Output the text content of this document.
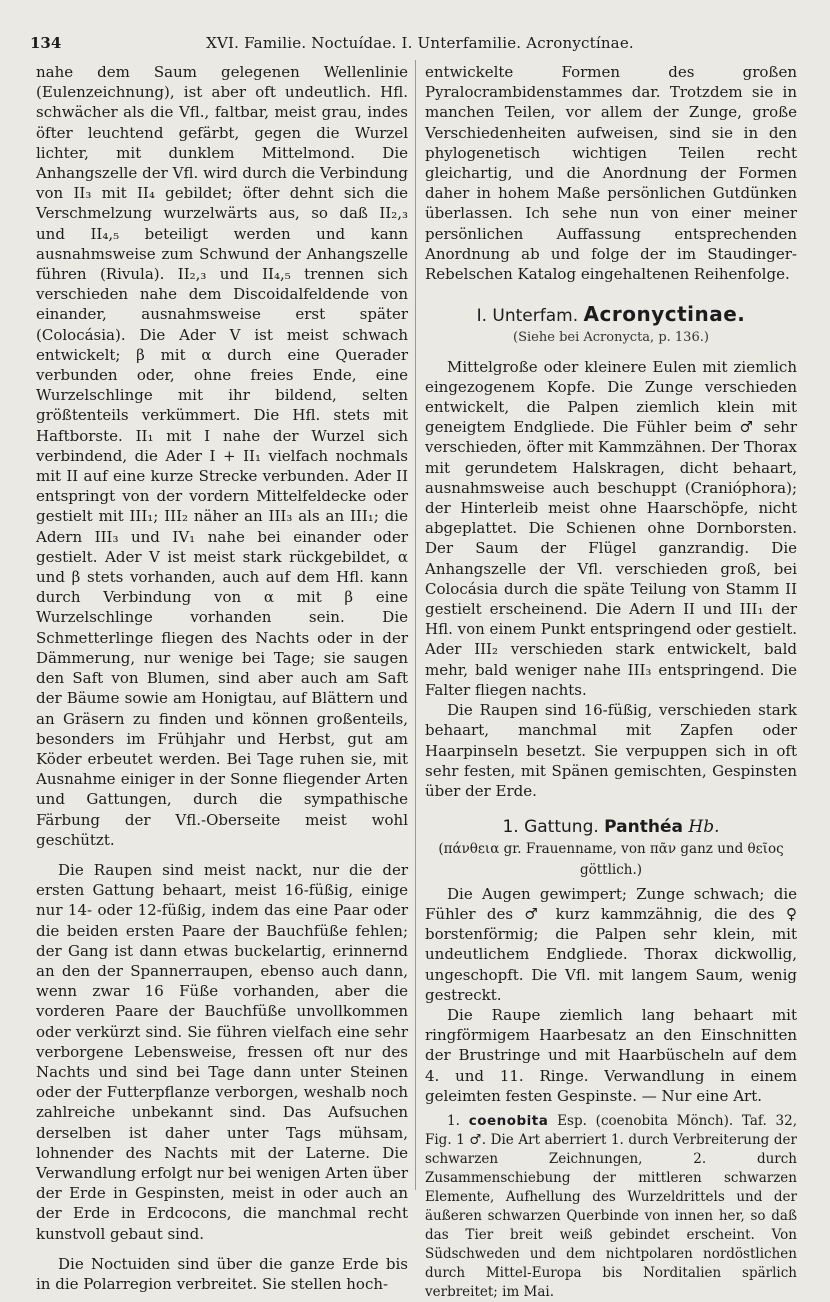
134	XVI. Familie. Noctuídae. I. Unterfamilie. Acronyctínae.

nahe dem Saum gelegenen Wellenlinie (Eulenzeichnung), ist aber oft undeutlich. Hfl. schwächer als die Vfl., faltbar, meist grau, indes öfter leuchtend gefärbt, gegen die Wurzel lichter, mit dunklem Mittelmond. Die Anhangszelle der Vfl. wird durch die Verbindung von II₃ mit II₄ gebildet; öfter dehnt sich die Verschmelzung wurzelwärts aus, so daß II₂,₃ und II₄,₅ beteiligt werden und kann ausnahmsweise zum Schwund der Anhangszelle führen (Rivula). II₂,₃ und II₄,₅ trennen sich verschieden nahe dem Discoidalfeldende von einander, ausnahmsweise erst später (Colocásia). Die Ader V ist meist schwach entwickelt; β mit α durch eine Querader verbunden oder, ohne freies Ende, eine Wurzelschlinge mit ihr bildend, selten größtenteils verkümmert. Die Hfl. stets mit Haftborste. II₁ mit I nahe der Wurzel sich verbindend, die Ader I + II₁ vielfach nochmals mit II auf eine kurze Strecke verbunden. Ader II entspringt von der vordern Mittelfeldecke oder gestielt mit III₁; III₂ näher an III₃ als an III₁; die Adern III₃ und IV₁ nahe bei einander oder gestielt. Ader V ist meist stark rückgebildet, α und β stets vorhanden, auch auf dem Hfl. kann durch Verbindung von α mit β eine Wurzelschlinge vorhanden sein. Die Schmetterlinge fliegen des Nachts oder in der Dämmerung, nur wenige bei Tage; sie saugen den Saft von Blumen, sind aber auch am Saft der Bäume sowie am Honigtau, auf Blättern und an Gräsern zu finden und können großenteils, besonders im Frühjahr und Herbst, gut am Köder erbeutet werden. Bei Tage ruhen sie, mit Ausnahme einiger in der Sonne fliegender Arten und Gattungen, durch die sympathische Färbung der Vfl.-Oberseite meist wohl geschützt.

Die Raupen sind meist nackt, nur die der ersten Gattung behaart, meist 16-füßig, einige nur 14- oder 12-füßig, indem das eine Paar oder die beiden ersten Paare der Bauchfüße fehlen; der Gang ist dann etwas buckelartig, erinnernd an den der Spannerraupen, ebenso auch dann, wenn zwar 16 Füße vorhanden, aber die vorderen Paare der Bauchfüße unvollkommen oder verkürzt sind. Sie führen vielfach eine sehr verborgene Lebensweise, fressen oft nur des Nachts und sind bei Tage dann unter Steinen oder der Futterpflanze verborgen, weshalb noch zahlreiche unbekannt sind. Das Aufsuchen derselben ist daher unter Tags mühsam, lohnender des Nachts mit der Laterne. Die Verwandlung erfolgt nur bei wenigen Arten über der Erde in Gespinsten, meist in oder auch an der Erde in Erdcocons, die manchmal recht kunstvoll gebaut sind.

Die Noctuiden sind über die ganze Erde bis in die Polarregion verbreitet. Sie stellen hoch-

entwickelte Formen des großen Pyralocrambidenstammes dar. Trotzdem sie in manchen Teilen, vor allem der Zunge, große Verschiedenheiten aufweisen, sind sie in den phylogenetisch wichtigen Teilen recht gleichartig, und die Anordnung der Formen daher in hohem Maße persönlichen Gutdünken überlassen. Ich sehe nun von einer meiner persönlichen Auffassung entsprechenden Anordnung ab und folge der im Staudinger-Rebelschen Katalog eingehaltenen Reihenfolge.

I. Unterfam. Acronyctinae.
(Siehe bei Acronycta, p. 136.)

Mittelgroße oder kleinere Eulen mit ziemlich eingezogenem Kopfe. Die Zunge verschieden entwickelt, die Palpen ziemlich klein mit geneigtem Endgliede. Die Fühler beim ♂ sehr verschieden, öfter mit Kammzähnen. Der Thorax mit gerundetem Halskragen, dicht behaart, ausnahmsweise auch beschuppt (Cranióphora); der Hinterleib meist ohne Haarschöpfe, nicht abgeplattet. Die Schienen ohne Dornborsten. Der Saum der Flügel ganzrandig. Die Anhangszelle der Vfl. verschieden groß, bei Colocásia durch die späte Teilung von Stamm II gestielt erscheinend. Die Adern II und III₁ der Hfl. von einem Punkt entspringend oder gestielt. Ader III₂ verschieden stark entwickelt, bald mehr, bald weniger nahe III₃ entspringend. Die Falter fliegen nachts.

Die Raupen sind 16-füßig, verschieden stark behaart, manchmal mit Zapfen oder Haarpinseln besetzt. Sie verpuppen sich in oft sehr festen, mit Spänen gemischten, Gespinsten über der Erde.

1. Gattung. Panthéa Hb.
(πάνθεια gr. Frauenname, von πᾶν ganz und θεῖος göttlich.)

Die Augen gewimpert; Zunge schwach; die Fühler des ♂ kurz kammzähnig, die des ♀ borstenförmig; die Palpen sehr klein, mit undeutlichem Endgliede. Thorax dickwollig, ungeschopft. Die Vfl. mit langem Saum, wenig gestreckt.

Die Raupe ziemlich lang behaart mit ringförmigem Haarbesatz an den Einschnitten der Brustringe und mit Haarbüscheln auf dem 4. und 11. Ringe. Verwandlung in einem geleimten festen Gespinste. — Nur eine Art.

1. coenobita Esp. (coenobita Mönch). Taf. 32, Fig. 1 ♂. Die Art aberriert 1. durch Verbreiterung der schwarzen Zeichnungen, 2. durch Zusammenschiebung der mittleren schwarzen Elemente, Aufhellung des Wurzeldrittels und der äußeren schwarzen Querbinde von innen her, so daß das Tier breit weiß gebindet erscheint. Von Südschweden und dem nichtpolaren nordöstlichen durch Mittel-Europa bis Norditalien spärlich verbreitet; im Mai.
